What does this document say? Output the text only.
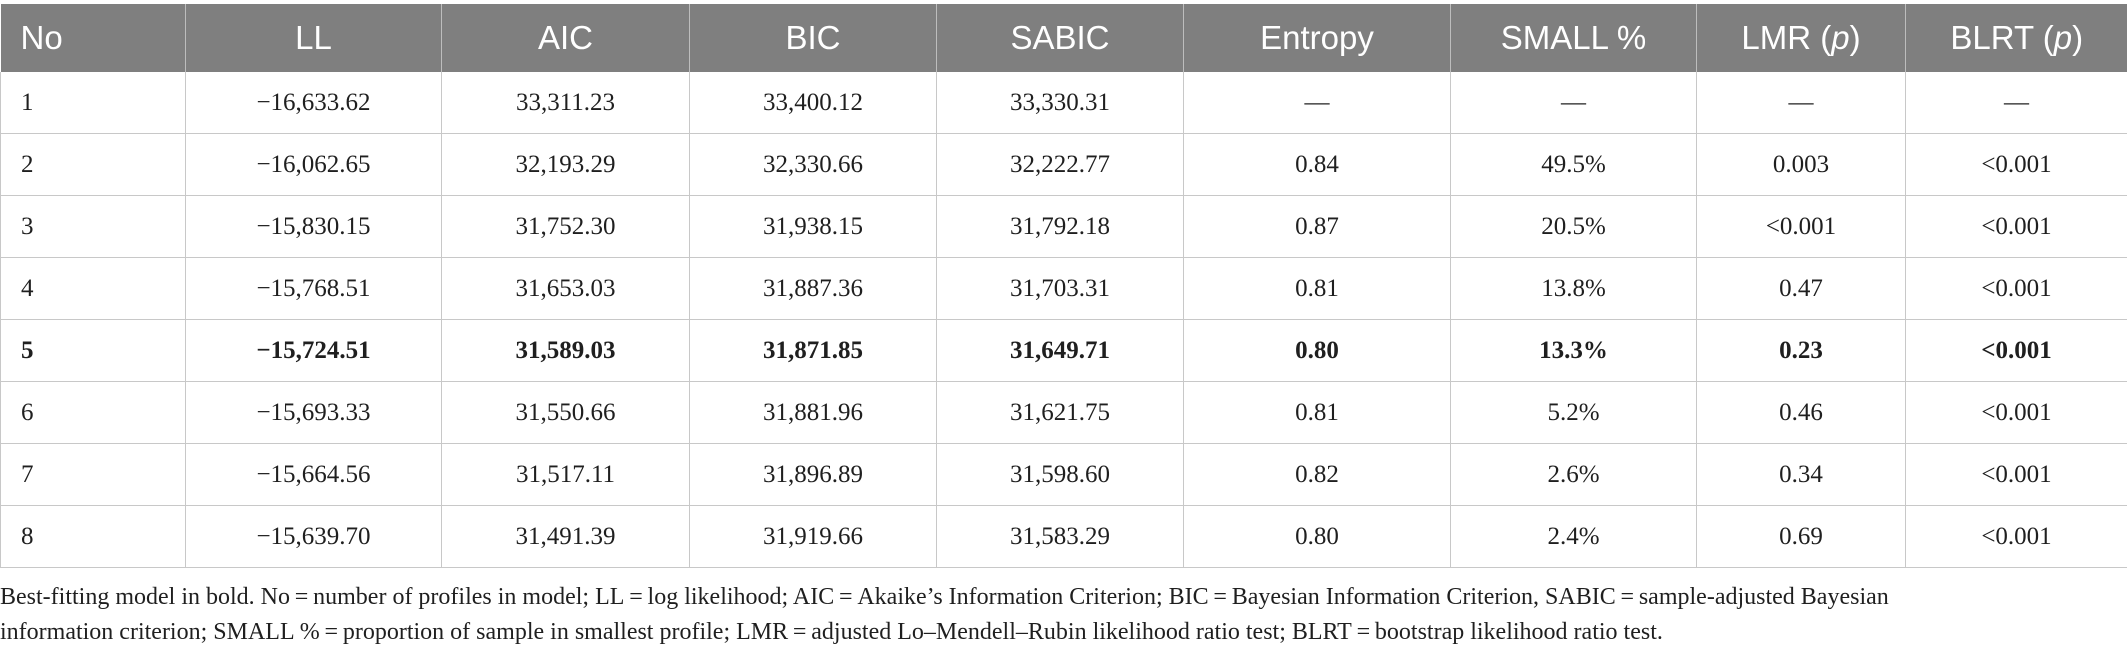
No	LL	AIC	BIC	SABIC	Entropy	SMALL %	LMR (p)	BLRT (p)
1	−16,633.62	33,311.23	33,400.12	33,330.31	—	—	—	—
2	−16,062.65	32,193.29	32,330.66	32,222.77	0.84	49.5%	0.003	<0.001
3	−15,830.15	31,752.30	31,938.15	31,792.18	0.87	20.5%	<0.001	<0.001
4	−15,768.51	31,653.03	31,887.36	31,703.31	0.81	13.8%	0.47	<0.001
5	−15,724.51	31,589.03	31,871.85	31,649.71	0.80	13.3%	0.23	<0.001
6	−15,693.33	31,550.66	31,881.96	31,621.75	0.81	5.2%	0.46	<0.001
7	−15,664.56	31,517.11	31,896.89	31,598.60	0.82	2.6%	0.34	<0.001
8	−15,639.70	31,491.39	31,919.66	31,583.29	0.80	2.4%	0.69	<0.001

Best-fitting model in bold. No = number of profiles in model; LL = log likelihood; AIC = Akaike’s Information Criterion; BIC = Bayesian Information Criterion, SABIC = sample-adjusted Bayesian

information criterion; SMALL % = proportion of sample in smallest profile; LMR = adjusted Lo–Mendell–Rubin likelihood ratio test; BLRT = bootstrap likelihood ratio test.
